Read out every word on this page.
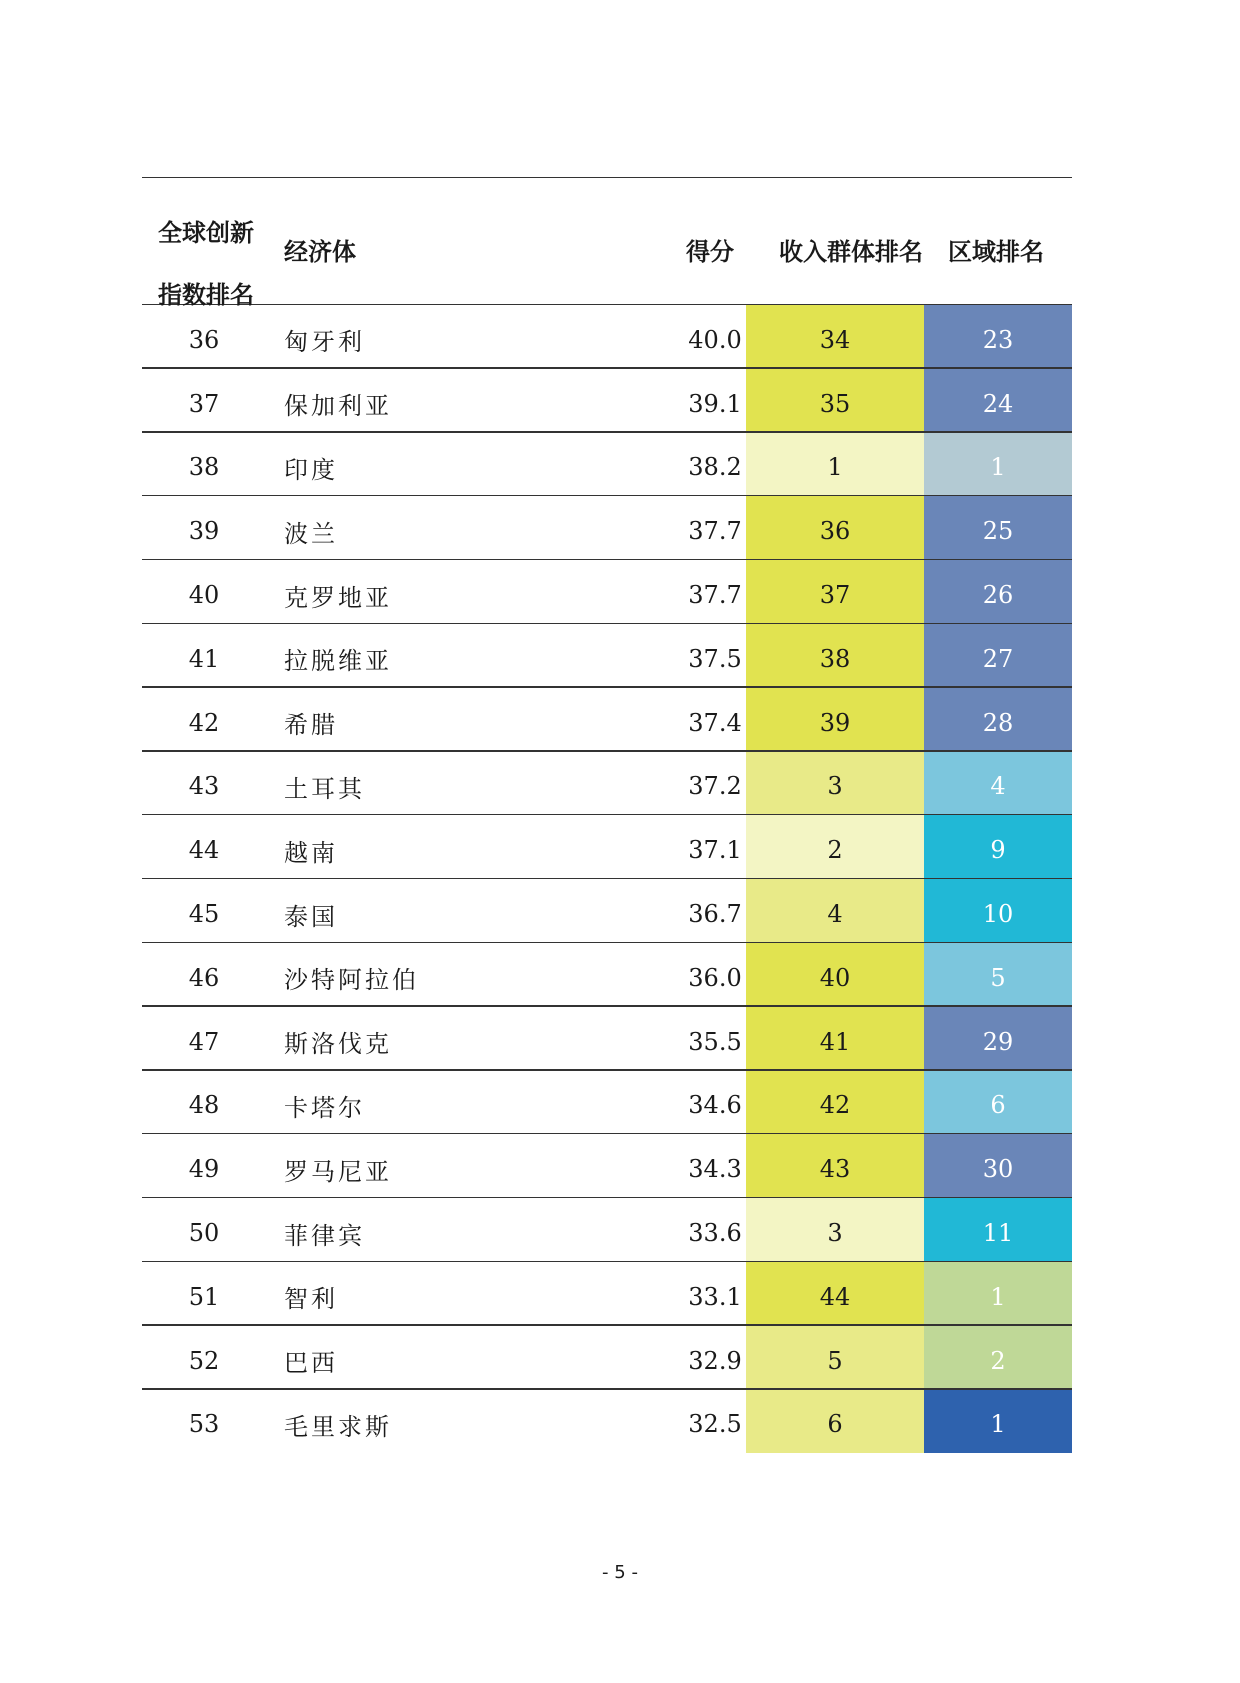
全球创新
指数排名
经济体	得分	收入群体排名	区域排名
36	匈牙利	40.0	34	23
37	保加利亚	39.1	35	24
38	印度	38.2	1	1
39	波兰	37.7	36	25
40	克罗地亚	37.7	37	26
41	拉脱维亚	37.5	38	27
42	希腊	37.4	39	28
43	土耳其	37.2	3	4
44	越南	37.1	2	9
45	泰国	36.7	4	10
46	沙特阿拉伯	36.0	40	5
47	斯洛伐克	35.5	41	29
48	卡塔尔	34.6	42	6
49	罗马尼亚	34.3	43	30
50	菲律宾	33.6	3	11
51	智利	33.1	44	1
52	巴西	32.9	5	2
53	毛里求斯	32.5	6	1
- 5 -
